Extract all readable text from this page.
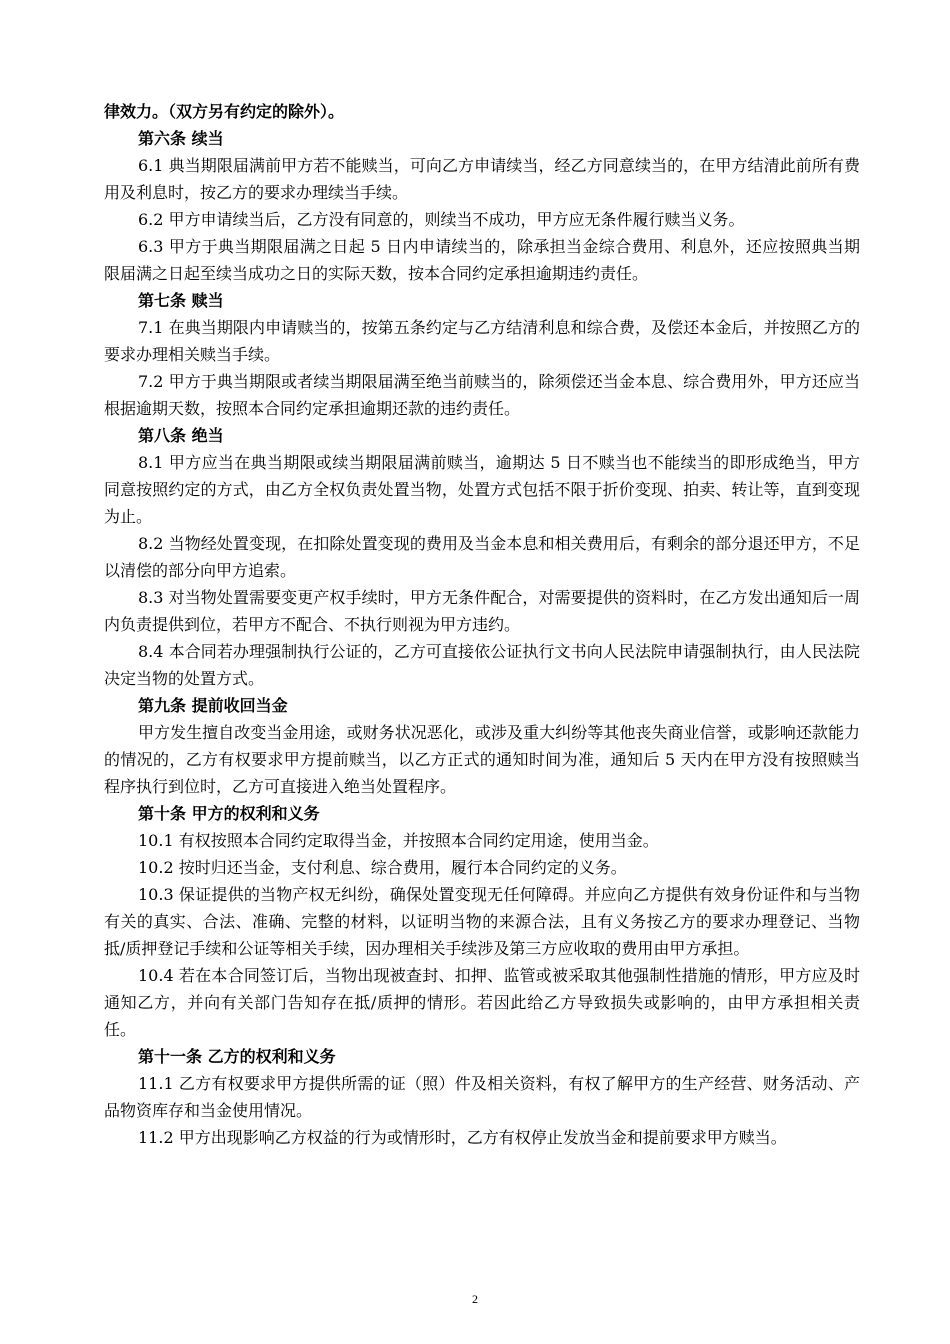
律效力。（双方另有约定的除外）。

第六条 续当

6.1 典当期限届满前甲方若不能赎当，可向乙方申请续当，经乙方同意续当的，在甲方结清此前所有费用及利息时，按乙方的要求办理续当手续。

6.2 甲方申请续当后，乙方没有同意的，则续当不成功，甲方应无条件履行赎当义务。

6.3 甲方于典当期限届满之日起 5 日内申请续当的，除承担当金综合费用、利息外，还应按照典当期限届满之日起至续当成功之日的实际天数，按本合同约定承担逾期违约责任。

第七条 赎当

7.1 在典当期限内申请赎当的，按第五条约定与乙方结清利息和综合费，及偿还本金后，并按照乙方的要求办理相关赎当手续。

7.2 甲方于典当期限或者续当期限届满至绝当前赎当的，除须偿还当金本息、综合费用外，甲方还应当根据逾期天数，按照本合同约定承担逾期还款的违约责任。

第八条 绝当

8.1 甲方应当在典当期限或续当期限届满前赎当，逾期达 5 日不赎当也不能续当的即形成绝当，甲方同意按照约定的方式，由乙方全权负责处置当物，处置方式包括不限于折价变现、拍卖、转让等，直到变现为止。

8.2 当物经处置变现，在扣除处置变现的费用及当金本息和相关费用后，有剩余的部分退还甲方，不足以清偿的部分向甲方追索。

8.3 对当物处置需要变更产权手续时，甲方无条件配合，对需要提供的资料时，在乙方发出通知后一周内负责提供到位，若甲方不配合、不执行则视为甲方违约。

8.4 本合同若办理强制执行公证的，乙方可直接依公证执行文书向人民法院申请强制执行，由人民法院决定当物的处置方式。

第九条 提前收回当金

甲方发生擅自改变当金用途，或财务状况恶化，或涉及重大纠纷等其他丧失商业信誉，或影响还款能力的情况的，乙方有权要求甲方提前赎当，以乙方正式的通知时间为准，通知后 5 天内在甲方没有按照赎当程序执行到位时，乙方可直接进入绝当处置程序。

第十条 甲方的权利和义务

10.1 有权按照本合同约定取得当金，并按照本合同约定用途，使用当金。

10.2 按时归还当金，支付利息、综合费用，履行本合同约定的义务。

10.3 保证提供的当物产权无纠纷，确保处置变现无任何障碍。并应向乙方提供有效身份证件和与当物有关的真实、合法、准确、完整的材料，以证明当物的来源合法，且有义务按乙方的要求办理登记、当物抵/质押登记手续和公证等相关手续，因办理相关手续涉及第三方应收取的费用由甲方承担。

10.4 若在本合同签订后，当物出现被查封、扣押、监管或被采取其他强制性措施的情形，甲方应及时通知乙方，并向有关部门告知存在抵/质押的情形。若因此给乙方导致损失或影响的，由甲方承担相关责任。

第十一条 乙方的权利和义务

11.1 乙方有权要求甲方提供所需的证（照）件及相关资料，有权了解甲方的生产经营、财务活动、产品物资库存和当金使用情况。

11.2 甲方出现影响乙方权益的行为或情形时，乙方有权停止发放当金和提前要求甲方赎当。

2
